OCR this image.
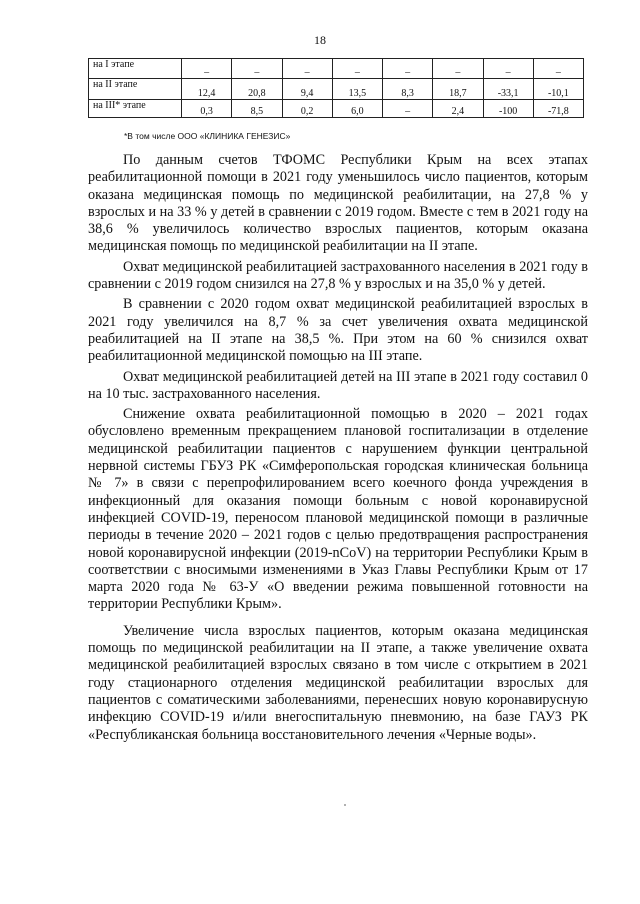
18
на I этапе	–	–	–	–	–	–	–	–
на II этапе	12,4	20,8	9,4	13,5	8,3	18,7	-33,1	-10,1
на III* этапе	0,3	8,5	0,2	6,0	–	2,4	-100	-71,8
*В том числе ООО «КЛИНИКА ГЕНЕЗИС»

По данным счетов ТФОМС Республики Крым на всех этапах реабилитационной помощи в 2021 году уменьшилось число пациентов, которым оказана медицинская помощь по медицинской реабилитации, на 27,8 % у взрослых и на 33 % у детей в сравнении с 2019 годом. Вместе с тем в 2021 году на 38,6 % увеличилось количество взрослых пациентов, которым оказана медицинская помощь по медицинской реабилитации на II этапе.

Охват медицинской реабилитацией застрахованного населения в 2021 году в сравнении с 2019 годом снизился на 27,8 % у взрослых и на 35,0 % у детей.

В сравнении с 2020 годом охват медицинской реабилитацией взрослых в 2021 году увеличился на 8,7 % за счет увеличения охвата медицинской реабилитацией на II этапе на 38,5 %. При этом на 60 % снизился охват реабилитационной медицинской помощью на III этапе.

Охват медицинской реабилитацией детей на III этапе в 2021 году составил 0 на 10 тыс. застрахованного населения.

Снижение охвата реабилитационной помощью в 2020 – 2021 годах обусловлено временным прекращением плановой госпитализации в отделение медицинской реабилитации пациентов с нарушением функции центральной нервной системы ГБУЗ РК «Симферопольская городская клиническая больница № 7» в связи с перепрофилированием всего коечного фонда учреждения в инфекционный для оказания помощи больным с новой коронавирусной инфекцией COVID-19, переносом плановой медицинской помощи в различные периоды в течение 2020 – 2021 годов с целью предотвращения распространения новой коронавирусной инфекции (2019-nCoV) на территории Республики Крым в соответствии с вносимыми изменениями в Указ Главы Республики Крым от 17 марта 2020 года № 63-У «О введении режима повышенной готовности на территории Республики Крым».

Увеличение числа взрослых пациентов, которым оказана медицинская помощь по медицинской реабилитации на II этапе, а также увеличение охвата медицинской реабилитацией взрослых связано в том числе с открытием в 2021 году стационарного отделения медицинской реабилитации взрослых для пациентов с соматическими заболеваниями, перенесших новую коронавирусную инфекцию COVID-19 и/или внегоспитальную пневмонию, на базе ГАУЗ РК «Республиканская больница восстановительного лечения «Черные воды».
